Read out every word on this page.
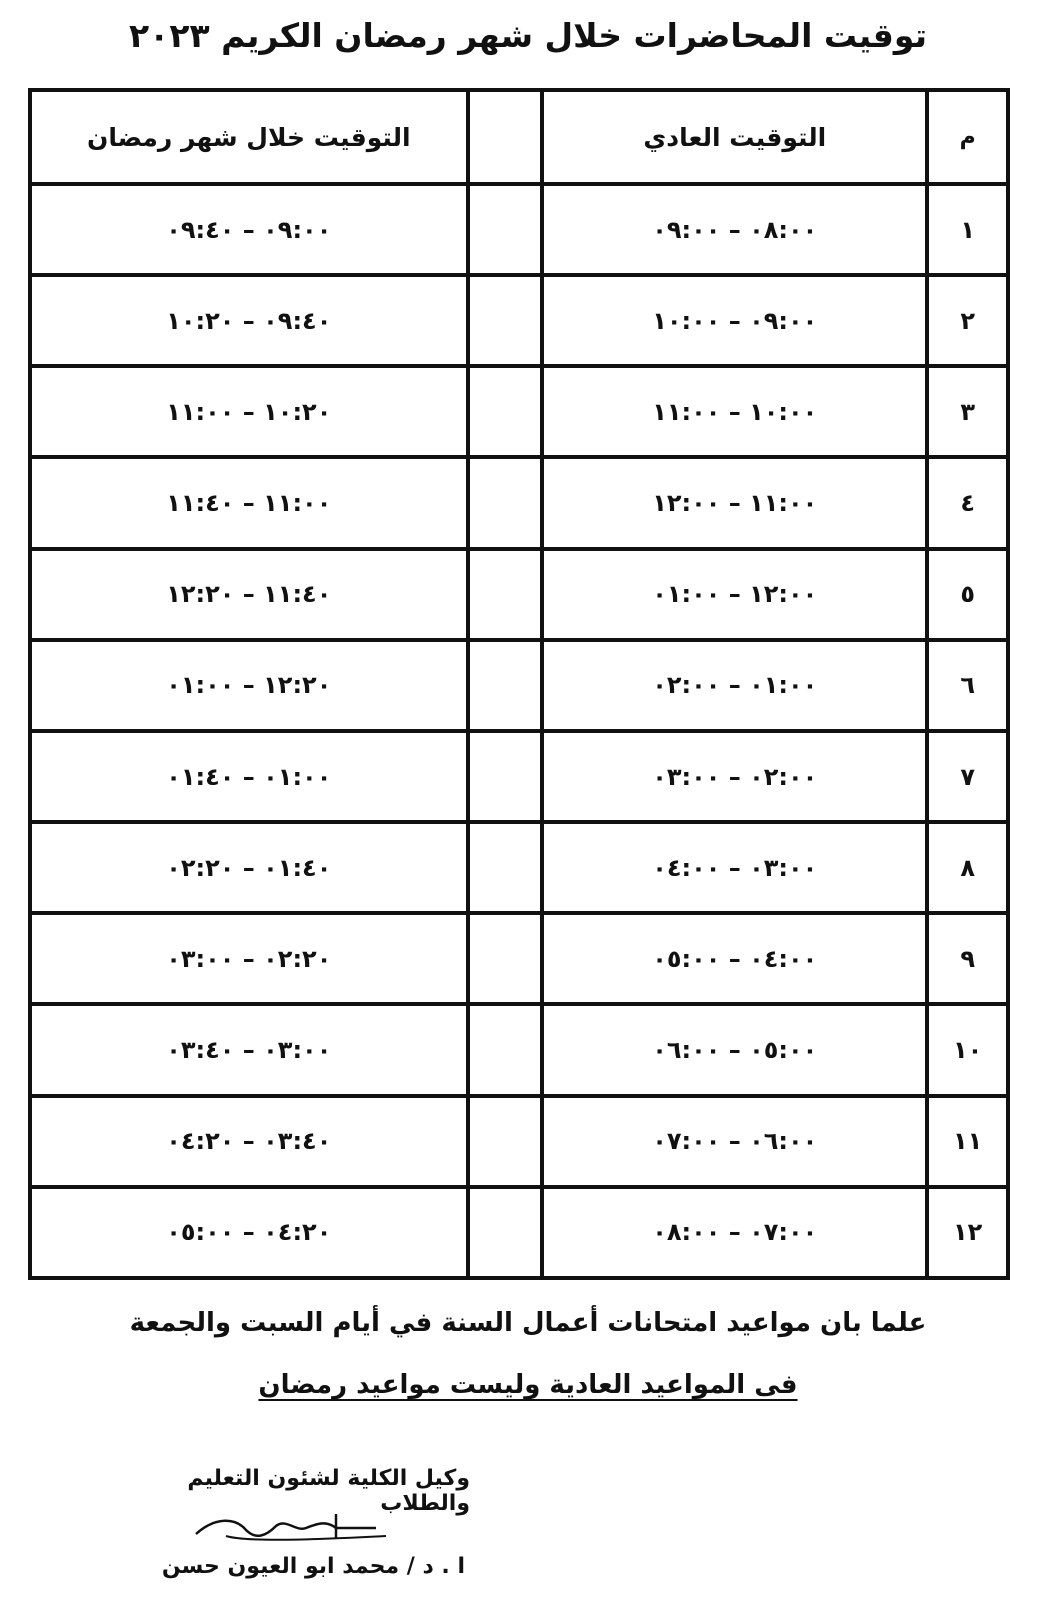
توقيت المحاضرات خلال شهر رمضان الكريم ٢٠٢٣
م	التوقيت العادي		التوقيت خلال شهر رمضان
١	٠٨:٠٠ – ٠٩:٠٠		٠٩:٠٠ – ٠٩:٤٠
٢	٠٩:٠٠ – ١٠:٠٠		٠٩:٤٠ – ١٠:٢٠
٣	١٠:٠٠ – ١١:٠٠		١٠:٢٠ – ١١:٠٠
٤	١١:٠٠ – ١٢:٠٠		١١:٠٠ – ١١:٤٠
٥	١٢:٠٠ – ٠١:٠٠		١١:٤٠ – ١٢:٢٠
٦	٠١:٠٠ – ٠٢:٠٠		١٢:٢٠ – ٠١:٠٠
٧	٠٢:٠٠ – ٠٣:٠٠		٠١:٠٠ – ٠١:٤٠
٨	٠٣:٠٠ – ٠٤:٠٠		٠١:٤٠ – ٠٢:٢٠
٩	٠٤:٠٠ – ٠٥:٠٠		٠٢:٢٠ – ٠٣:٠٠
١٠	٠٥:٠٠ – ٠٦:٠٠		٠٣:٠٠ – ٠٣:٤٠
١١	٠٦:٠٠ – ٠٧:٠٠		٠٣:٤٠ – ٠٤:٢٠
١٢	٠٧:٠٠ – ٠٨:٠٠		٠٤:٢٠ – ٠٥:٠٠
علما بان مواعيد امتحانات أعمال السنة في أيام السبت والجمعة
فى المواعيد العادية وليست مواعيد رمضان
وكيل الكلية لشئون التعليم والطلاب
ا . د / محمد ابو العيون حسن
